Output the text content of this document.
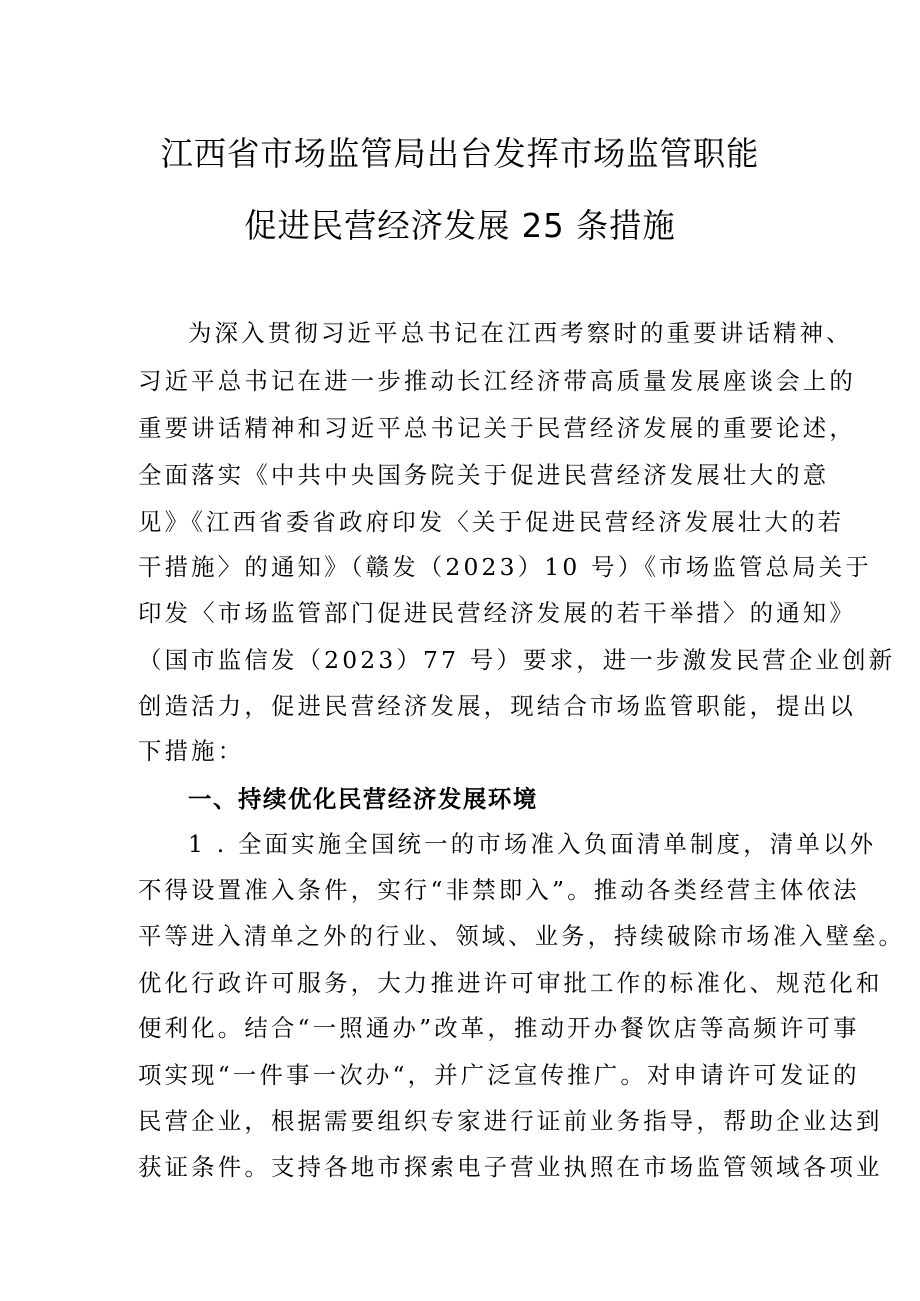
江西省市场监管局出台发挥市场监管职能
促进民营经济发展 25 条措施
为深入贯彻习近平总书记在江西考察时的重要讲话精神、
习近平总书记在进一步推动长江经济带高质量发展座谈会上的
重要讲话精神和习近平总书记关于民营经济发展的重要论述，
全面落实《中共中央国务院关于促进民营经济发展壮大的意
见》《江西省委省政府印发〈关于促进民营经济发展壮大的若
干措施〉的通知》（赣发（2023）10 号）《市场监管总局关于
印发〈市场监管部门促进民营经济发展的若干举措〉的通知》
（国市监信发（2023）77 号）要求，进一步激发民营企业创新
创造活力，促进民营经济发展，现结合市场监管职能，提出以
下措施：
一、持续优化民营经济发展环境
1 . 全面实施全国统一的市场准入负面清单制度，清单以外
不得设置准入条件，实行“非禁即入”。推动各类经营主体依法
平等进入清单之外的行业、领域、业务，持续破除市场准入壁垒。
优化行政许可服务，大力推进许可审批工作的标准化、规范化和
便利化。结合“一照通办”改革，推动开办餐饮店等高频许可事
项实现“一件事一次办“，并广泛宣传推广。对申请许可发证的
民营企业，根据需要组织专家进行证前业务指导，帮助企业达到
获证条件。支持各地市探索电子营业执照在市场监管领域各项业
